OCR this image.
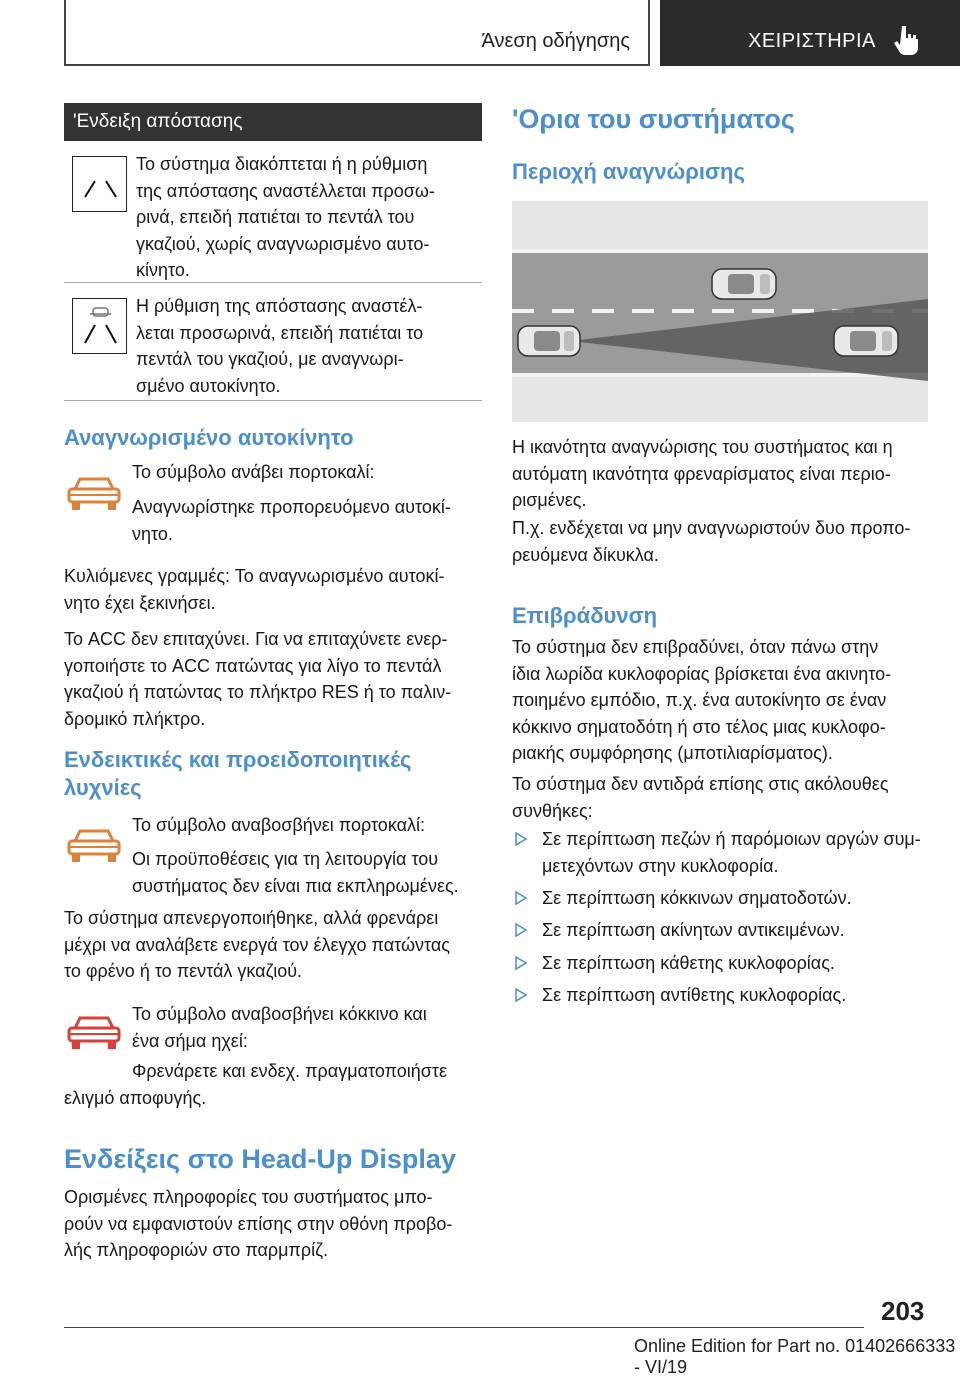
Άνεση οδήγησης	ΧΕΙΡΙΣΤΗΡΙΑ
'Ενδειξη απόστασης
Το σύστημα διακόπτεται ή η ρύθμιση
της απόστασης αναστέλλεται προσω-
ρινά, επειδή πατιέται το πεντάλ του
γκαζιού, χωρίς αναγνωρισμένο αυτο-
κίνητο.
Η ρύθμιση της απόστασης αναστέλ-
λεται προσωρινά, επειδή πατιέται το
πεντάλ του γκαζιού, με αναγνωρι-
σμένο αυτοκίνητο.
Αναγνωρισμένο αυτοκίνητο
Το σύμβολο ανάβει πορτοκαλί:
Αναγνωρίστηκε προπορευόμενο αυτοκί-
νητο.
Κυλιόμενες γραμμές: Το αναγνωρισμένο αυτοκί-
νητο έχει ξεκινήσει.
Το ACC δεν επιταχύνει. Για να επιταχύνετε ενερ-
γοποιήστε το ACC πατώντας για λίγο το πεντάλ
γκαζιού ή πατώντας το πλήκτρο RES ή το παλιν-
δρομικό πλήκτρο.
Ενδεικτικές και προειδοποιητικές
λυχνίες
Το σύμβολο αναβοσβήνει πορτοκαλί:
Οι προϋποθέσεις για τη λειτουργία του
συστήματος δεν είναι πια εκπληρωμένες.
Το σύστημα απενεργοποιήθηκε, αλλά φρενάρει
μέχρι να αναλάβετε ενεργά τον έλεγχο πατώντας
το φρένο ή το πεντάλ γκαζιού.
Το σύμβολο αναβοσβήνει κόκκινο και
ένα σήμα ηχεί:
Φρενάρετε και ενδεχ. πραγματοποιήστε
ελιγμό αποφυγής.
Ενδείξεις στο Head-Up Display
Ορισμένες πληροφορίες του συστήματος μπο-
ρούν να εμφανιστούν επίσης στην οθόνη προβο-
λής πληροφοριών στο παρμπρίζ.
'Ορια του συστήματος
Περιοχή αναγνώρισης
Η ικανότητα αναγνώρισης του συστήματος και η
αυτόματη ικανότητα φρεναρίσματος είναι περιο-
ρισμένες.
Π.χ. ενδέχεται να μην αναγνωριστούν δυο προπο-
ρευόμενα δίκυκλα.
Επιβράδυνση
Το σύστημα δεν επιβραδύνει, όταν πάνω στην
ίδια λωρίδα κυκλοφορίας βρίσκεται ένα ακινητο-
ποιημένο εμπόδιο, π.χ. ένα αυτοκίνητο σε έναν
κόκκινο σηματοδότη ή στο τέλος μιας κυκλοφο-
ριακής συμφόρησης (μποτιλιαρίσματος).
Το σύστημα δεν αντιδρά επίσης στις ακόλουθες
συνθήκες:
Σε περίπτωση πεζών ή παρόμοιων αργών συμ-
μετεχόντων στην κυκλοφορία.
Σε περίπτωση κόκκινων σηματοδοτών.
Σε περίπτωση ακίνητων αντικειμένων.
Σε περίπτωση κάθετης κυκλοφορίας.
Σε περίπτωση αντίθετης κυκλοφορίας.
203
Online Edition for Part no. 01402666333 - VI/19
